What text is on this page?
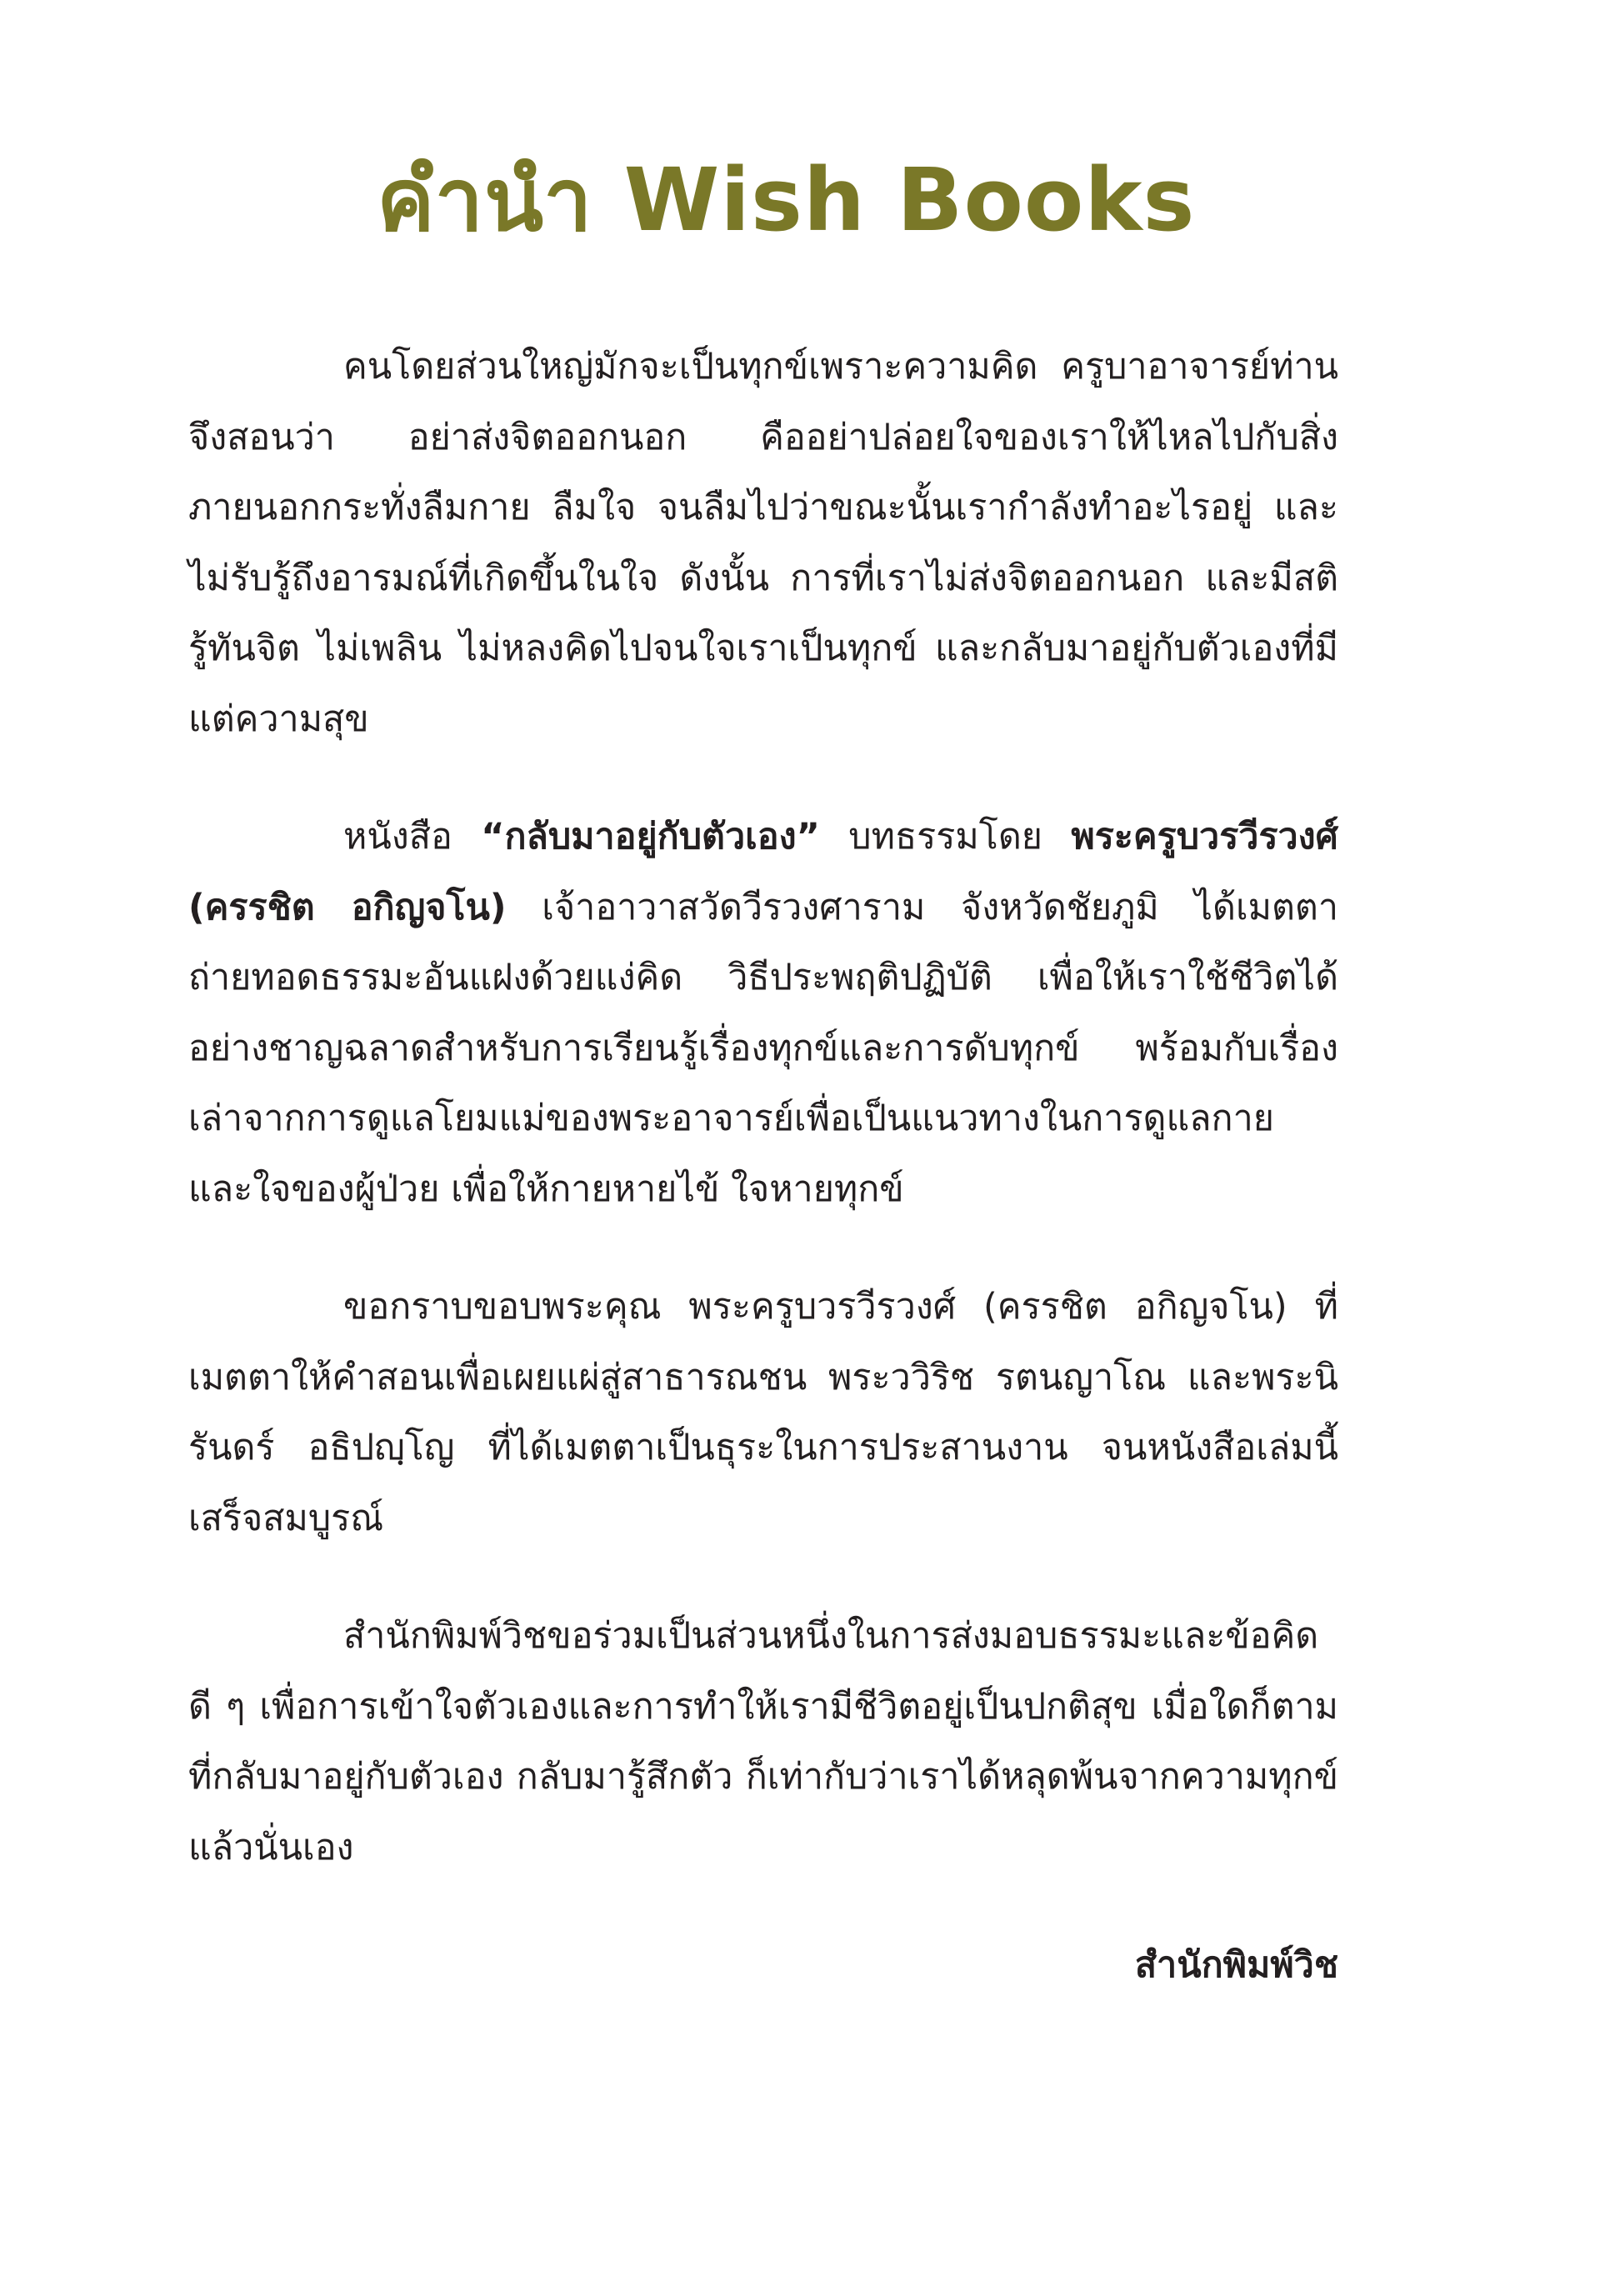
คำนำ Wish Books

คนโดยส่วนใหญ่มักจะเป็นทุกข์เพราะความคิด ครูบาอาจารย์ท่านจึงสอนว่า อย่าส่งจิตออกนอก คืออย่าปล่อยใจของเราให้ไหลไปกับสิ่งภายนอกกระทั่งลืมกาย ลืมใจ จนลืมไปว่าขณะนั้นเรากำลังทำอะไรอยู่ และไม่รับรู้ถึงอารมณ์ที่เกิดขึ้นในใจ ดังนั้น การที่เราไม่ส่งจิตออกนอก และมีสติรู้ทันจิต ไม่เพลิน ไม่หลงคิดไปจนใจเราเป็นทุกข์ และกลับมาอยู่กับตัวเองที่มีแต่ความสุข

หนังสือ “กลับมาอยู่กับตัวเอง” บทธรรมโดย พระครูบวรวีรวงศ์ (ครรชิต อกิญจโน) เจ้าอาวาสวัดวีรวงศาราม จังหวัดชัยภูมิ ได้เมตตาถ่ายทอดธรรมะอันแฝงด้วยแง่คิด วิธีประพฤติปฏิบัติ เพื่อให้เราใช้ชีวิตได้อย่างชาญฉลาดสำหรับการเรียนรู้เรื่องทุกข์และการดับทุกข์ พร้อมกับเรื่องเล่าจากการดูแลโยมแม่ของพระอาจารย์เพื่อเป็นแนวทางในการดูแลกายและใจของผู้ป่วย เพื่อให้กายหายไข้ ใจหายทุกข์

ขอกราบขอบพระคุณ พระครูบวรวีรวงศ์ (ครรชิต อกิญจโน) ที่เมตตาให้คำสอนเพื่อเผยแผ่สู่สาธารณชน พระววิริช รตนญาโณ และพระนิรันดร์ อธิปญฺโญ ที่ได้เมตตาเป็นธุระในการประสานงาน จนหนังสือเล่มนี้เสร็จสมบูรณ์

สำนักพิมพ์วิชขอร่วมเป็นส่วนหนึ่งในการส่งมอบธรรมะและข้อคิดดี ๆ เพื่อการเข้าใจตัวเองและการทำให้เรามีชีวิตอยู่เป็นปกติสุข เมื่อใดก็ตามที่กลับมาอยู่กับตัวเอง กลับมารู้สึกตัว ก็เท่ากับว่าเราได้หลุดพ้นจากความทุกข์แล้วนั่นเอง

สำนักพิมพ์วิช
